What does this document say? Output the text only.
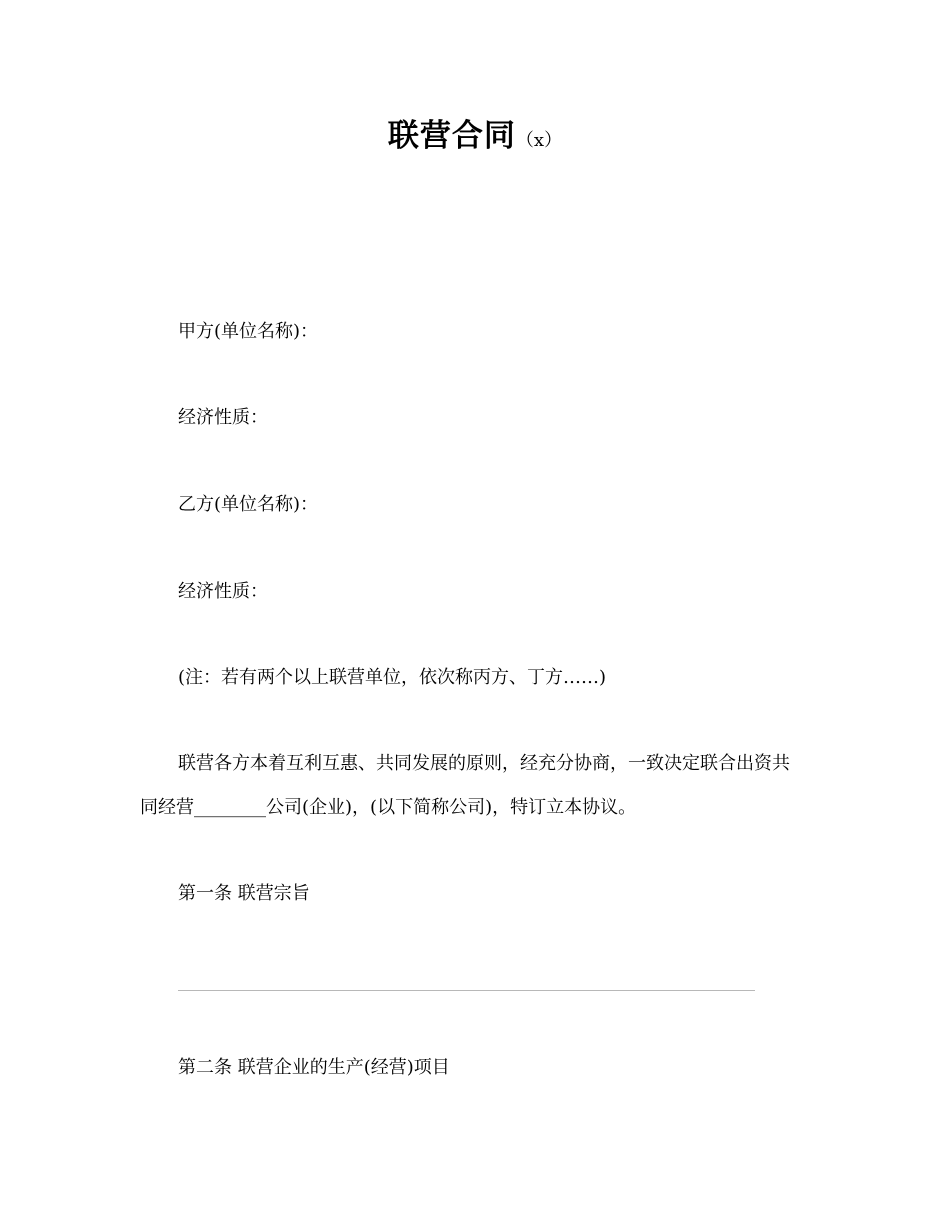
联营合同（x）
甲方(单位名称)：
经济性质：
乙方(单位名称)：
经济性质：
(注：若有两个以上联营单位，依次称丙方、丁方……)
联营各方本着互利互惠、共同发展的原则，经充分协商，一致决定联合出资共
同经营________公司(企业)，(以下简称公司)，特订立本协议。
第一条 联营宗旨
第二条 联营企业的生产(经营)项目
